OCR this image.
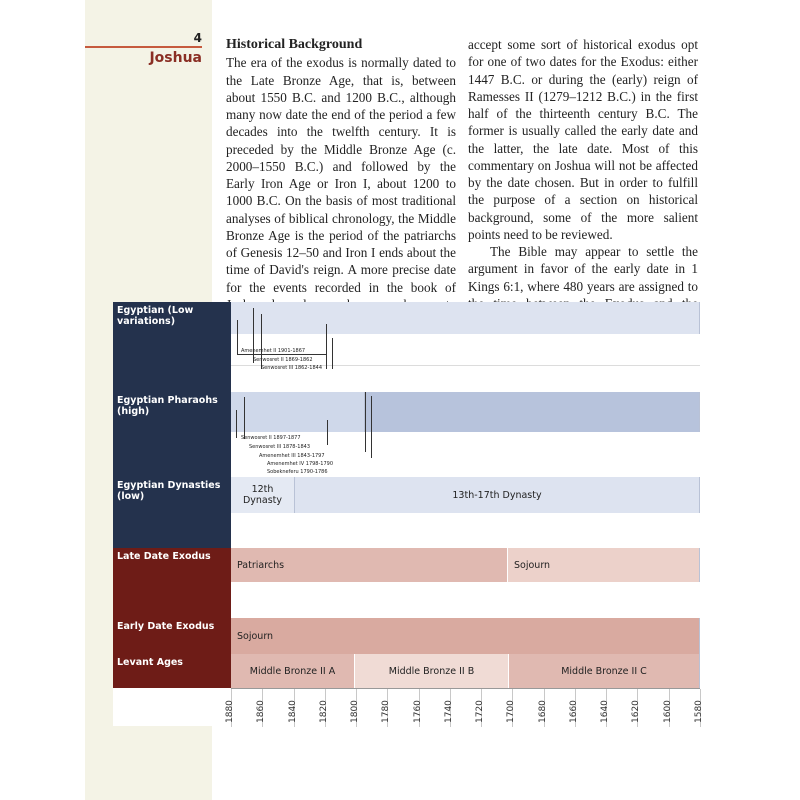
4
Joshua
Historical Background

The era of the exodus is normally dated to the Late Bronze Age, that is, between about 1550 B.C. and 1200 B.C., although many now date the end of the period a few decades into the twelfth century. It is preceded by the Middle Bronze Age (c. 2000–1550 B.C.) and followed by the Early Iron Age or Iron I, about 1200 to 1000 B.C. On the basis of most traditional analyses of biblical chronology, the Middle Bronze Age is the period of the patriarchs of Genesis 12–50 and Iron I ends about the time of David's reign. A more precise date for the events recorded in the book of

accept some sort of historical exodus opt for one of two dates for the Exodus: either 1447 B.C. or during the (early) reign of Ramesses II (1279–1212 B.C.) in the first half of the thirteenth century B.C. The former is usually called the early date and the latter, the late date. Most of this commentary on Joshua will not be affected by the date chosen. But in order to fulfill the purpose of a section on historical background, some of the more salient points need to be reviewed.

The Bible may appear to settle the argument in favor of the early date in 1 Kings 6:1, where 480 years are assigned to

Egyptian (Low variations)
Amenemhet II 1901-1867
Senwosret II 1869-1862
Senwosret III 1862-1844
Egyptian Pharaohs (high)
Senwosret II 1897-1877
Senwosret III 1878-1843
Amenemhet III 1843-1797
Amenemhet IV 1798-1790
Sobekneferu 1790-1786
Egyptian Dynasties (low)
12th Dynasty	13th-17th Dynasty
Late Date Exodus
Patriarchs	Sojourn
Early Date Exodus
Sojourn
Levant Ages
Middle Bronze II A	Middle Bronze II B	Middle Bronze II C
1880 1860 1840 1820 1800 1780 1760 1740 1720 1700 1680 1660 1640 1620 1600 1580
